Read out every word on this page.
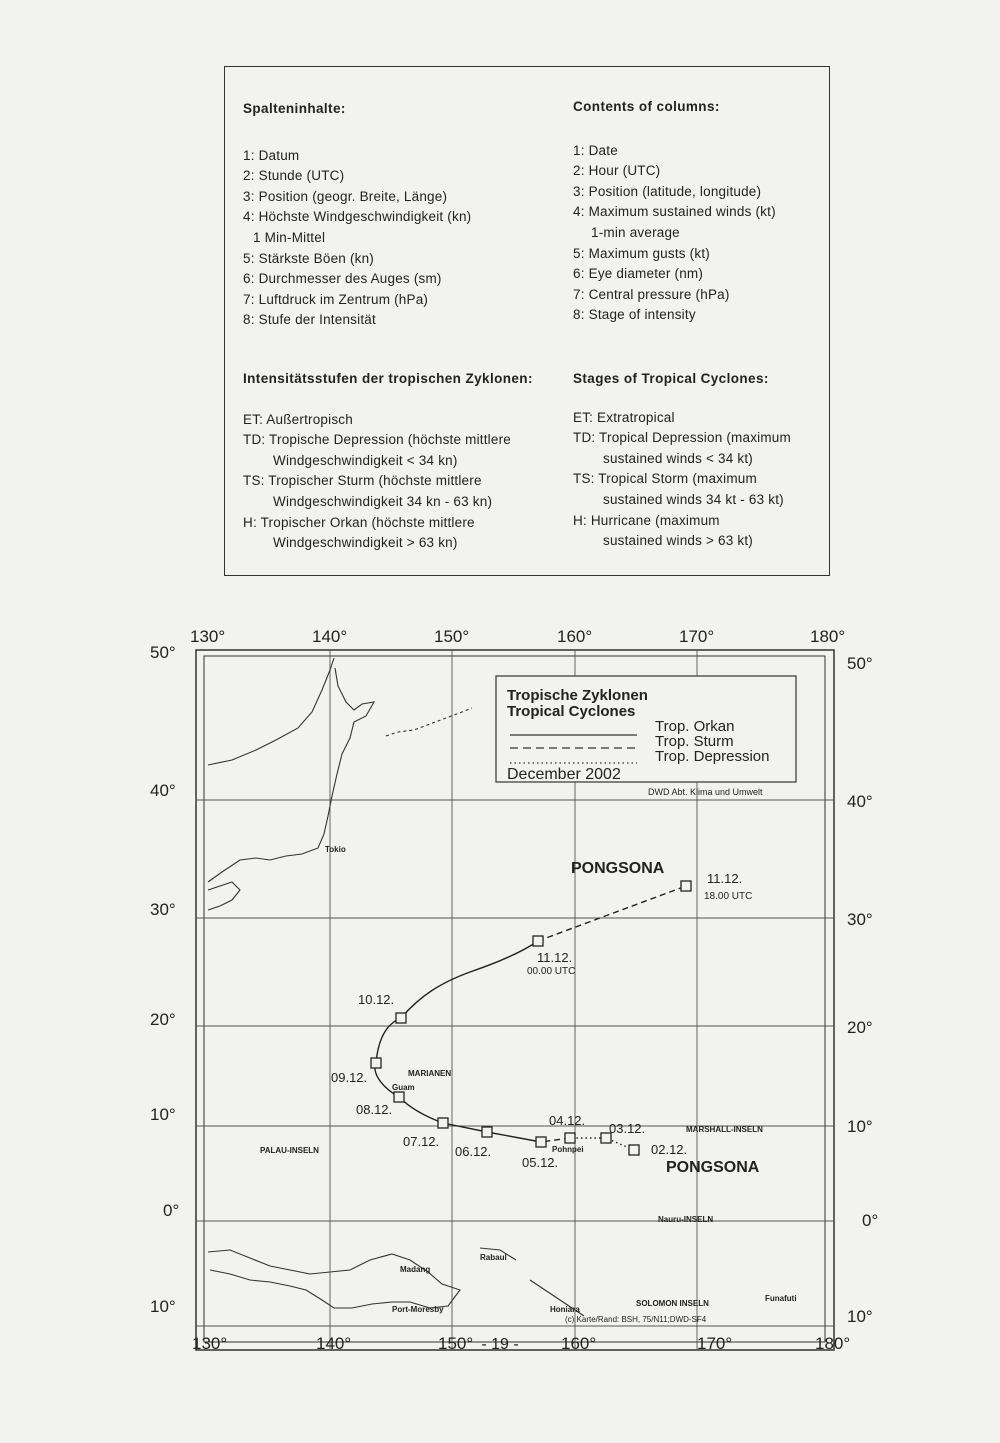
Spalteninhalte:
1: Datum
2: Stunde (UTC)
3: Position (geogr. Breite, Länge)
4: Höchste Windgeschwindigkeit (kn)
1 Min-Mittel
5: Stärkste Böen (kn)
6: Durchmesser des Auges (sm)
7: Luftdruck im Zentrum (hPa)
8: Stufe der Intensität
Contents of columns:
1: Date
2: Hour (UTC)
3: Position (latitude, longitude)
4: Maximum sustained winds (kt)
1-min average
5: Maximum gusts (kt)
6: Eye diameter (nm)
7: Central pressure (hPa)
8: Stage of intensity
Intensitätsstufen der tropischen Zyklonen:
ET: Außertropisch
TD: Tropische Depression (höchste mittlere
Windgeschwindigkeit < 34 kn)
TS: Tropischer Sturm (höchste mittlere
Windgeschwindigkeit 34 kn - 63 kn)
H: Tropischer Orkan (höchste mittlere
Windgeschwindigkeit > 63 kn)
Stages of Tropical Cyclones:
ET: Extratropical
TD: Tropical Depression (maximum
sustained winds < 34 kt)
TS: Tropical Storm (maximum
sustained winds 34 kt - 63 kt)
H: Hurricane (maximum
sustained winds > 63 kt)
130°	140°	150°	160°	170°	180°
130°	140°	150°	160°	170°	180°
50°
40°
30°
20°
10°
0°
10°
50°
40°
30°
20°
10°
0°
10°
Tropische Zyklonen
Tropical Cyclones
Trop. Orkan
Trop. Sturm
Trop. Depression
December 2002
DWD Abt. Klima und Umwelt
11.12.
18.00 UTC
11.12.
00.00 UTC
10.12.
09.12.
08.12.
07.12.
06.12.
05.12.
04.12.
03.12.
02.12.
PONGSONA
PONGSONA
Tokio
MARIANEN
Guam
PALAU-INSELN
MARSHALL-INSELN
Pohnpei
Nauru-INSELN
Rabaul
Madang
Port-Moresby	Honiara
SOLOMON INSELN
Funafuti
(c) Karte/Rand: BSH, 75/N11;DWD-SF4
- 19 -
